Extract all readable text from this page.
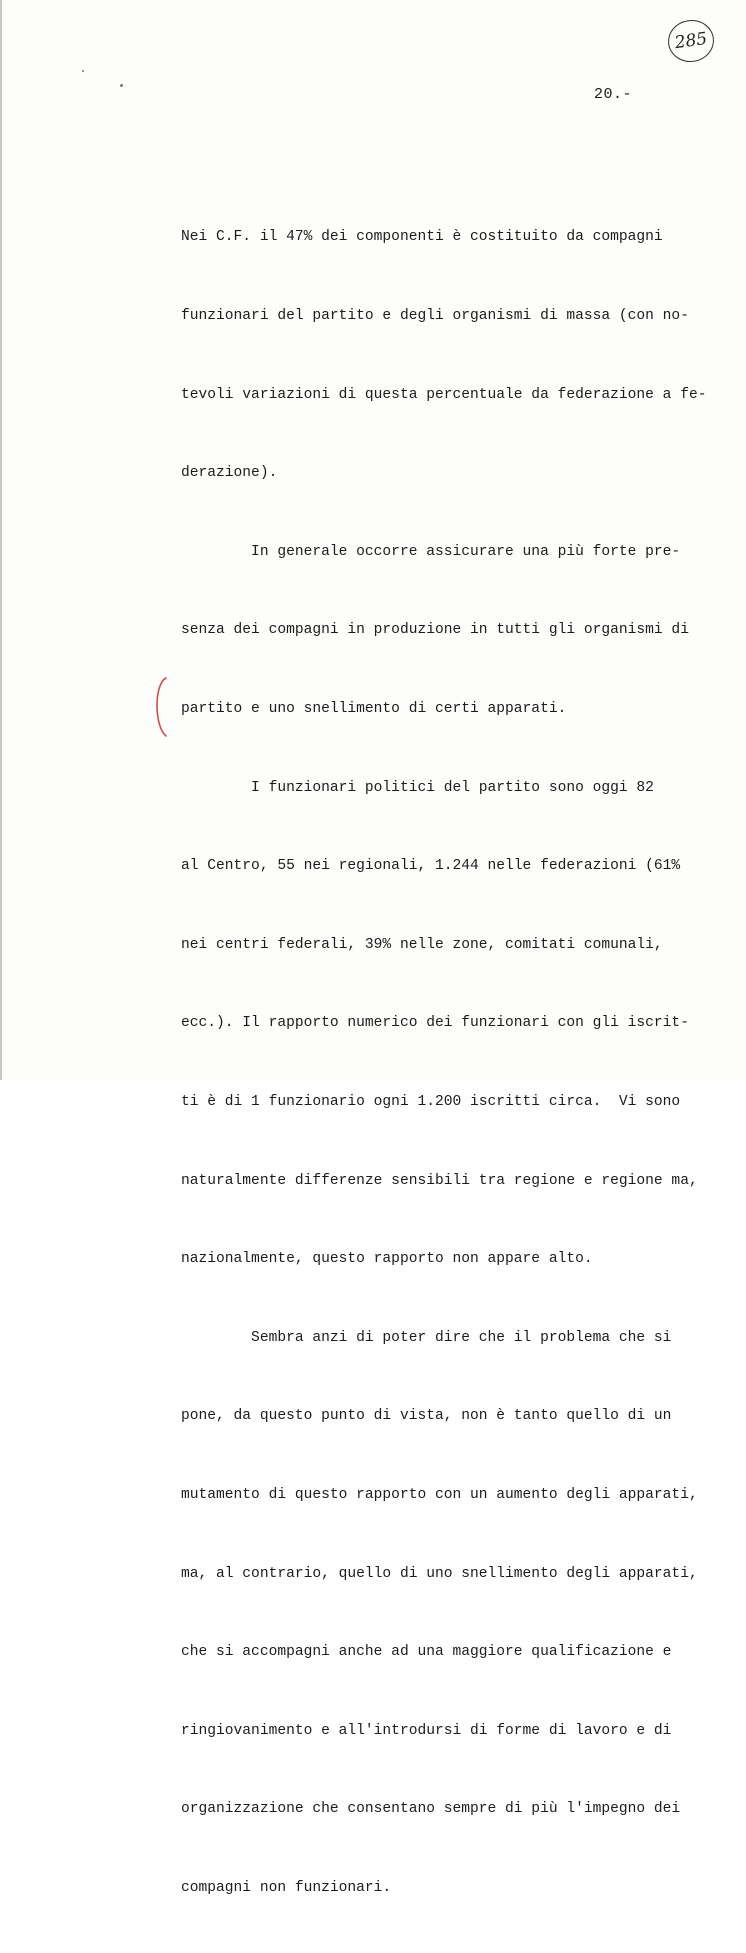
285
20.-

Nei C.F. il 47% dei componenti è costituito da compagni

funzionari del partito e degli organismi di massa (con no-

tevoli variazioni di questa percentuale da federazione a fe-

derazione).

In generale occorre assicurare una più forte pre-

senza dei compagni in produzione in tutti gli organismi di

partito e uno snellimento di certi apparati.

I funzionari politici del partito sono oggi 82

al Centro, 55 nei regionali, 1.244 nelle federazioni (61%

nei centri federali, 39% nelle zone, comitati comunali,

ecc.). Il rapporto numerico dei funzionari con gli iscrit-

ti è di 1 funzionario ogni 1.200 iscritti circa.  Vi sono

naturalmente differenze sensibili tra regione e regione ma,

nazionalmente, questo rapporto non appare alto.

Sembra anzi di poter dire che il problema che si

pone, da questo punto di vista, non è tanto quello di un

mutamento di questo rapporto con un aumento degli apparati,

ma, al contrario, quello di uno snellimento degli apparati,

che si accompagni anche ad una maggiore qualificazione e

ringiovanimento e all'introdursi di forme di lavoro e di

organizzazione che consentano sempre di più l'impegno dei

compagni non funzionari.
